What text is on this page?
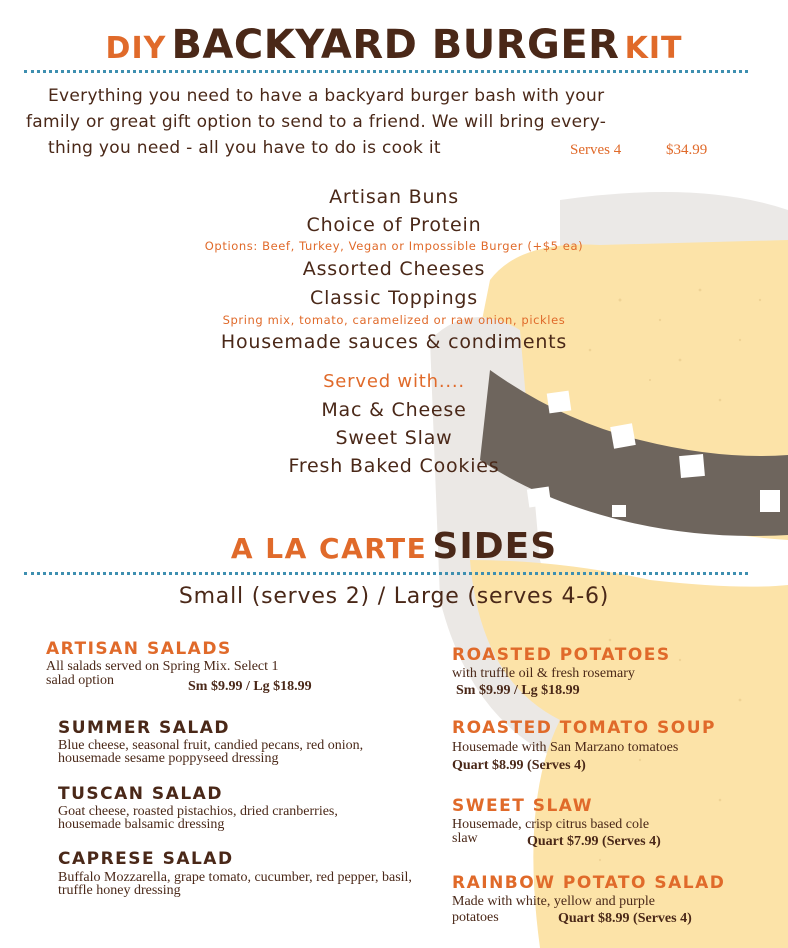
DIY BACKYARD BURGER KIT
Everything you need to have a backyard burger bash with your
family or great gift option to send to a friend. We will bring every-
thing you need - all you have to do is cook it	Serves 4	$34.99
Artisan Buns
Choice of Protein
Options: Beef, Turkey, Vegan or Impossible Burger (+$5 ea)
Assorted Cheeses
Classic Toppings
Spring mix, tomato, caramelized or raw onion, pickles
Housemade sauces & condiments
Served with....
Mac & Cheese
Sweet Slaw
Fresh Baked Cookies
A LA CARTE SIDES
Small (serves 2) / Large (serves 4-6)
ARTISAN SALADS
All salads served on Spring Mix. Select 1
salad option	Sm $9.99 / Lg $18.99
SUMMER SALAD
Blue cheese, seasonal fruit, candied pecans, red onion, housemade sesame poppyseed dressing
TUSCAN SALAD
Goat cheese, roasted pistachios, dried cranberries, housemade balsamic dressing
CAPRESE SALAD
Buffalo Mozzarella, grape tomato, cucumber, red pepper, basil, truffle honey dressing
ROASTED POTATOES
with truffle oil & fresh rosemary
Sm $9.99 / Lg $18.99
ROASTED TOMATO SOUP
Housemade with San Marzano tomatoes
Quart $8.99 (Serves 4)
SWEET SLAW
Housemade, crisp citrus based cole
slaw	Quart $7.99 (Serves 4)
RAINBOW POTATO SALAD
Made with white, yellow and purple
potatoes	Quart $8.99 (Serves 4)
